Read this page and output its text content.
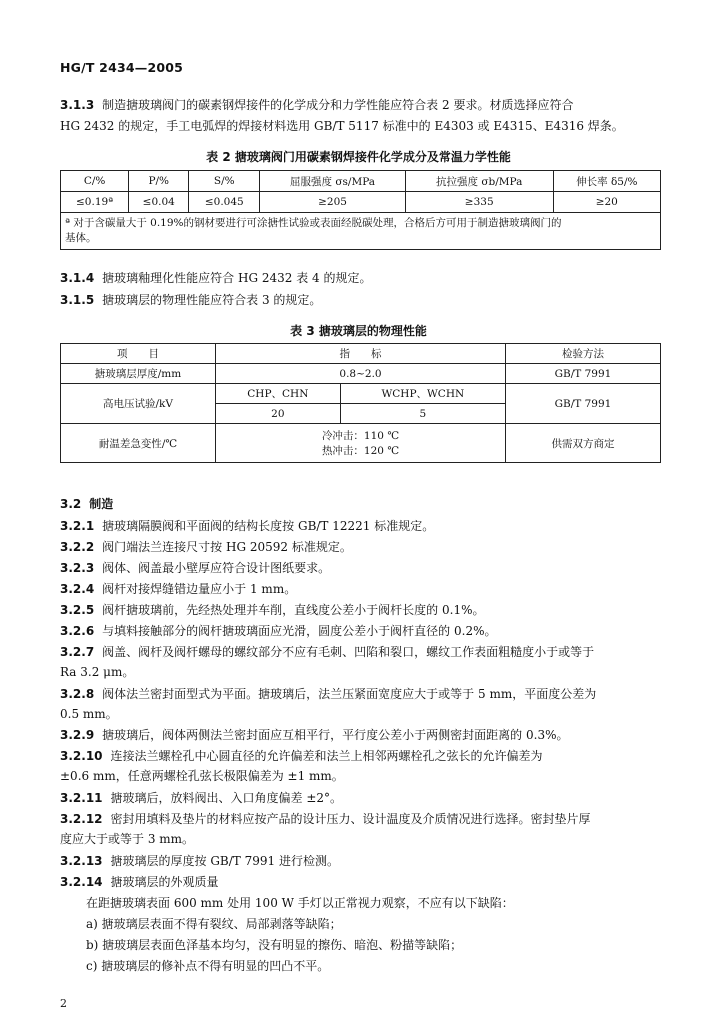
HG/T 2434—2005
3.1.3 制造搪玻璃阀门的碳素钢焊接件的化学成分和力学性能应符合表 2 要求。材质选择应符合
HG 2432 的规定，手工电弧焊的焊接材料选用 GB/T 5117 标准中的 E4303 或 E4315、E4316 焊条。
表 2 搪玻璃阀门用碳素钢焊接件化学成分及常温力学性能
C/%	P/%	S/%	屈服强度 σs/MPa	抗拉强度 σb/MPa	伸长率 δ5/%
≤0.19ª	≤0.04	≤0.045	≥205	≥335	≥20

ª 对于含碳量大于 0.19%的钢材要进行可涂搪性试验或表面经脱碳处理，合格后方可用于制造搪玻璃阀门的
基体。					
3.1.4 搪玻璃釉理化性能应符合 HG 2432 表 4 的规定。
3.1.5 搪玻璃层的物理性能应符合表 3 的规定。
表 3 搪玻璃层的物理性能
项　　目	指　　标		检验方法
搪玻璃层厚度/mm	0.8~2.0		GB/T 7991
高电压试验/kV	CHP、CHN	WCHP、WCHN	GB/T 7991
	20	5	
耐温差急变性/℃	冷冲击：110 ℃
热冲击：120 ℃		供需双方商定
3.2 制造
3.2.1 搪玻璃隔膜阀和平面阀的结构长度按 GB/T 12221 标准规定。
3.2.2 阀门端法兰连接尺寸按 HG 20592 标准规定。
3.2.3 阀体、阀盖最小壁厚应符合设计图纸要求。
3.2.4 阀杆对接焊缝错边量应小于 1 mm。
3.2.5 阀杆搪玻璃前，先经热处理并车削，直线度公差小于阀杆长度的 0.1%。
3.2.6 与填料接触部分的阀杆搪玻璃面应光滑，圆度公差小于阀杆直径的 0.2%。
3.2.7 阀盖、阀杆及阀杆螺母的螺纹部分不应有毛刺、凹陷和裂口，螺纹工作表面粗糙度小于或等于
Ra 3.2 μm。
3.2.8 阀体法兰密封面型式为平面。搪玻璃后，法兰压紧面宽度应大于或等于 5 mm，平面度公差为
0.5 mm。
3.2.9 搪玻璃后，阀体两侧法兰密封面应互相平行，平行度公差小于两侧密封面距离的 0.3%。
3.2.10 连接法兰螺栓孔中心圆直径的允许偏差和法兰上相邻两螺栓孔之弦长的允许偏差为
±0.6 mm，任意两螺栓孔弦长极限偏差为 ±1 mm。
3.2.11 搪玻璃后，放料阀出、入口角度偏差 ±2°。
3.2.12 密封用填料及垫片的材料应按产品的设计压力、设计温度及介质情况进行选择。密封垫片厚
度应大于或等于 3 mm。
3.2.13 搪玻璃层的厚度按 GB/T 7991 进行检测。
3.2.14 搪玻璃层的外观质量
在距搪玻璃表面 600 mm 处用 100 W 手灯以正常视力观察，不应有以下缺陷：
a) 搪玻璃层表面不得有裂纹、局部剥落等缺陷；
b) 搪玻璃层表面色泽基本均匀，没有明显的擦伤、暗泡、粉描等缺陷；
c) 搪玻璃层的修补点不得有明显的凹凸不平。
2
